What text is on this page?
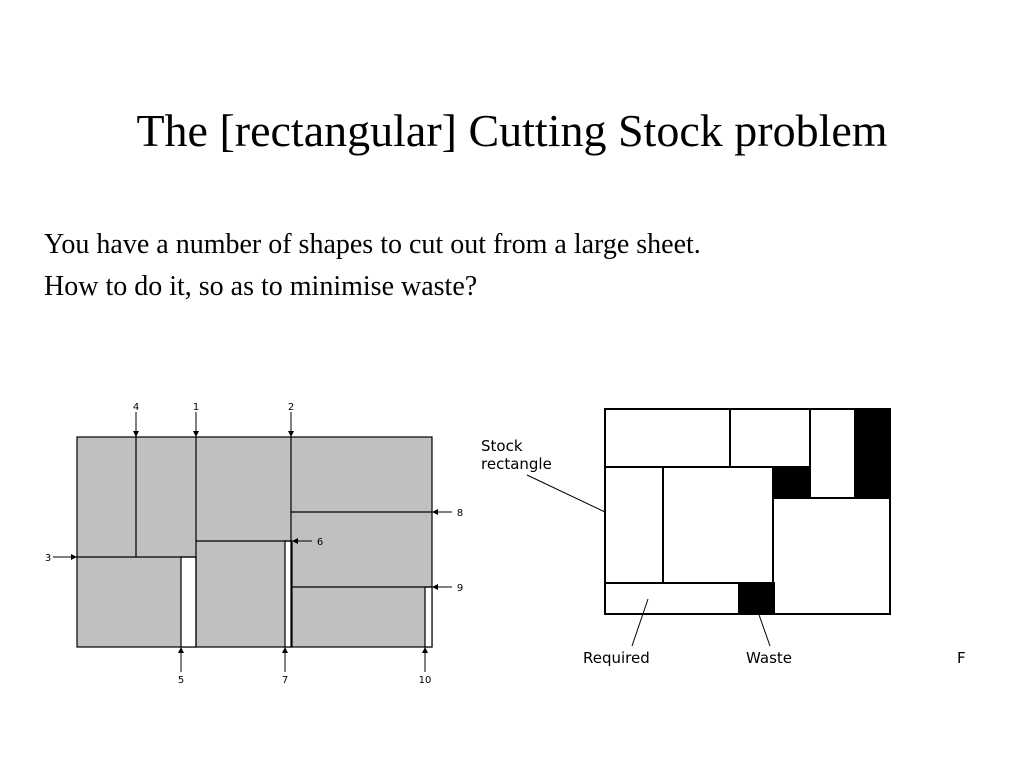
The [rectangular] Cutting Stock problem
You have a number of shapes to cut out from a large sheet.
How to do it, so as to minimise waste?
4	1	2
3
6
8
9
5	7	10
Stock
rectangle
Required	Waste	F
